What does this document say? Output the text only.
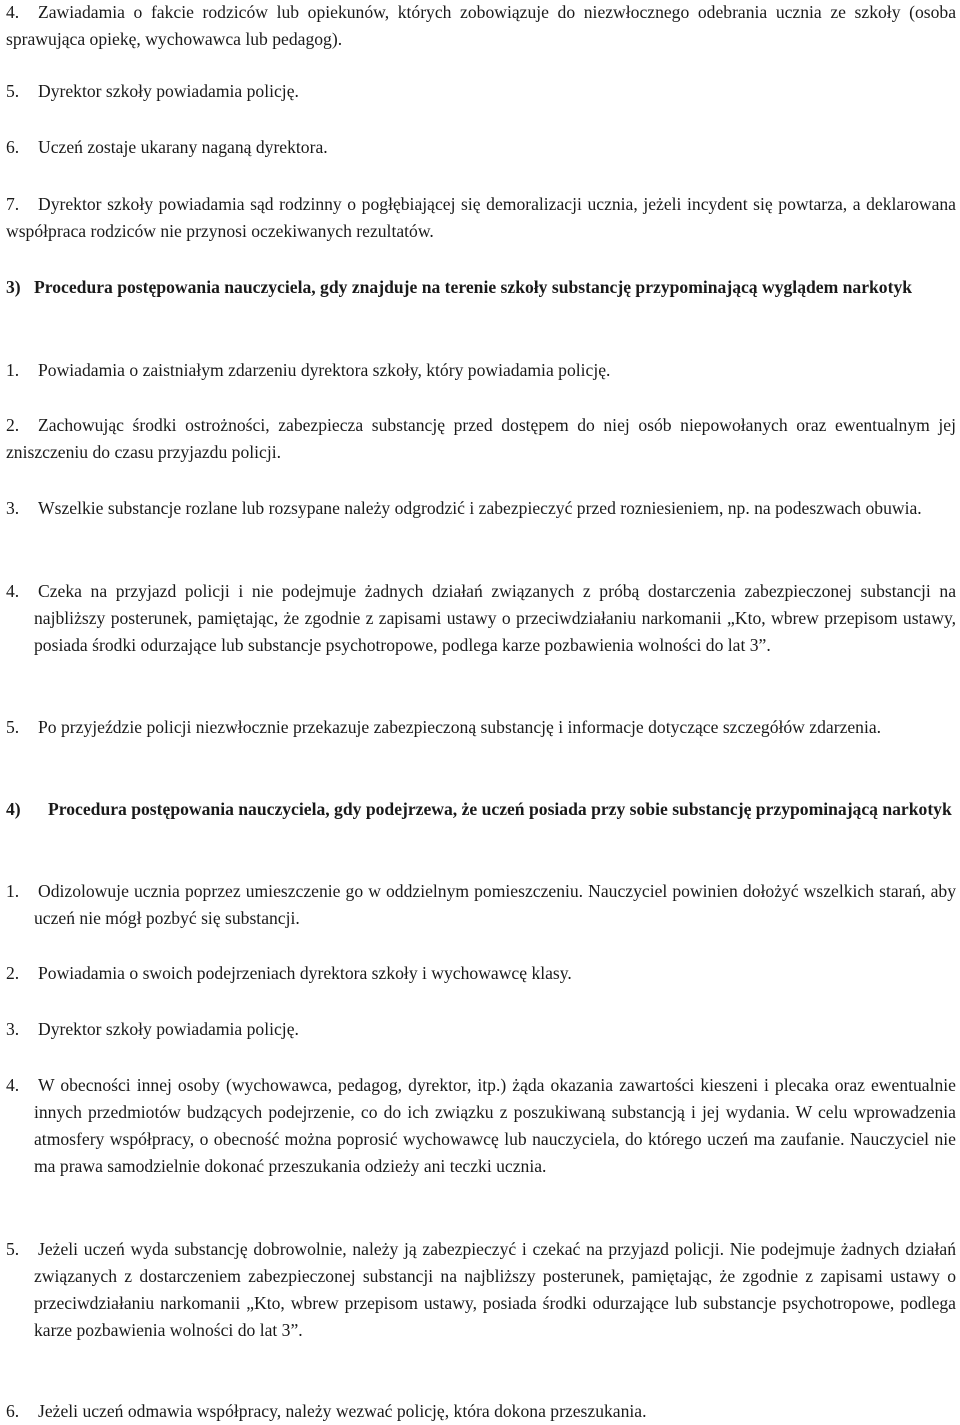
4. Zawiadamia o fakcie rodziców lub opiekunów, których zobowiązuje do niezwłocznego odebrania ucznia ze szkoły (osoba sprawująca opiekę, wychowawca lub pedagog).
5. Dyrektor szkoły powiadamia policję.
6. Uczeń zostaje ukarany naganą dyrektora.
7. Dyrektor szkoły powiadamia sąd rodzinny o pogłębiającej się demoralizacji ucznia, jeżeli incydent się powtarza, a deklarowana współpraca rodziców nie przynosi oczekiwanych rezultatów.
3) Procedura postępowania nauczyciela, gdy znajduje na terenie szkoły substancję przypominającą wyglądem narkotyk
1. Powiadamia o zaistniałym zdarzeniu dyrektora szkoły, który powiadamia policję.
2. Zachowując środki ostrożności, zabezpiecza substancję przed dostępem do niej osób niepowołanych oraz ewentualnym jej zniszczeniu do czasu przyjazdu policji.
3. Wszelkie substancje rozlane lub rozsypane należy odgrodzić i zabezpieczyć przed rozniesieniem, np. na podeszwach obuwia.
4. Czeka na przyjazd policji i nie podejmuje żadnych działań związanych z próbą dostarczenia zabezpieczonej substancji na najbliższy posterunek, pamiętając, że zgodnie z zapisami ustawy o przeciwdziałaniu narkomanii „Kto, wbrew przepisom ustawy, posiada środki odurzające lub substancje psychotropowe, podlega karze pozbawienia wolności do lat 3”.
5. Po przyjeździe policji niezwłocznie przekazuje zabezpieczoną substancję i informacje dotyczące szczegółów zdarzenia.
4) Procedura postępowania nauczyciela, gdy podejrzewa, że uczeń posiada przy sobie substancję przypominającą narkotyk
1. Odizolowuje ucznia poprzez umieszczenie go w oddzielnym pomieszczeniu. Nauczyciel powinien dołożyć wszelkich starań, aby uczeń nie mógł pozbyć się substancji.
2. Powiadamia o swoich podejrzeniach dyrektora szkoły i wychowawcę klasy.
3. Dyrektor szkoły powiadamia policję.
4. W obecności innej osoby (wychowawca, pedagog, dyrektor, itp.) żąda okazania zawartości kieszeni i plecaka oraz ewentualnie innych przedmiotów budzących podejrzenie, co do ich związku z poszukiwaną substancją i jej wydania. W celu wprowadzenia atmosfery współpracy, o obecność można poprosić wychowawcę lub nauczyciela, do którego uczeń ma zaufanie. Nauczyciel nie ma prawa samodzielnie dokonać przeszukania odzieży ani teczki ucznia.
5. Jeżeli uczeń wyda substancję dobrowolnie, należy ją zabezpieczyć i czekać na przyjazd policji. Nie podejmuje żadnych działań związanych z dostarczeniem zabezpieczonej substancji na najbliższy posterunek, pamiętając, że zgodnie z zapisami ustawy o przeciwdziałaniu narkomanii „Kto, wbrew przepisom ustawy, posiada środki odurzające lub substancje psychotropowe, podlega karze pozbawienia wolności do lat 3”.
6. Jeżeli uczeń odmawia współpracy, należy wezwać policję, która dokona przeszukania.
